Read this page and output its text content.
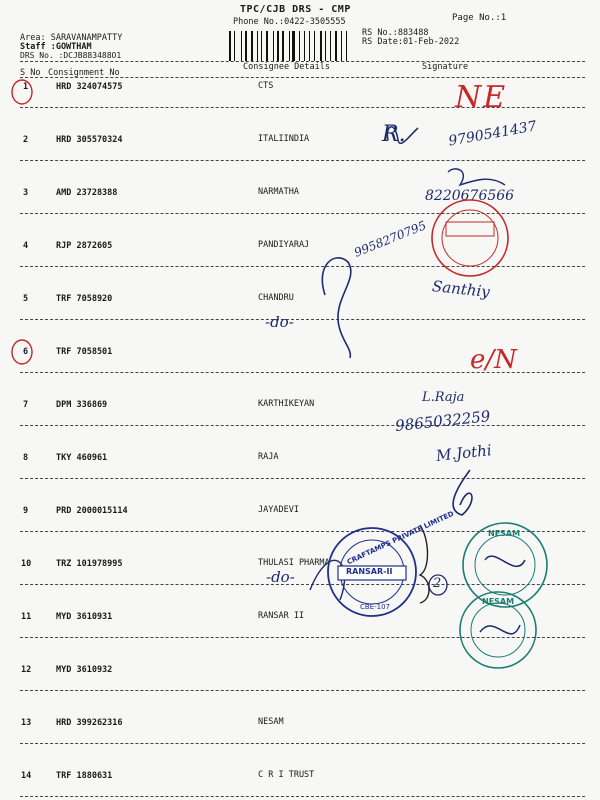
TPC/CJB DRS - CMP
Phone No.:0422-3505555	Page No.:1
RS No.:883488
RS Date:01-Feb-2022
Area: SARAVANAMPATTY
Staff :GOWTHAM
DRS No. :DCJB883488O1
S No Consignment No
Consignee Details	Signature
1	HRD 324074575	CTS
2	HRD 305570324	ITALIINDIA
3	AMD 23728388	NARMATHA
4	RJP 2872605	PANDIYARAJ
5	TRF 7058920	CHANDRU
6	TRF 7058501
7	DPM 336869	KARTHIKEYAN
8	TKY 460961	RAJA
9	PRD 2000015114	JAYADEVI
10	TRZ 101978995	THULASI PHARMA
11	MYD 3610931	RANSAR II
12	MYD 3610932
13	HRD 399262316	NESAM
14	TRF 1880631	C R I TRUST
NE
R.	9790541437
8220676566
9958270795
Santhiy
-do-
e/N
L.Raja
9865032259
M.Jothi
-do-	2
RANSAR-II
CRAFTAMPS PRIVATE LIMITED
CBE-107
NESAM
NESAM
